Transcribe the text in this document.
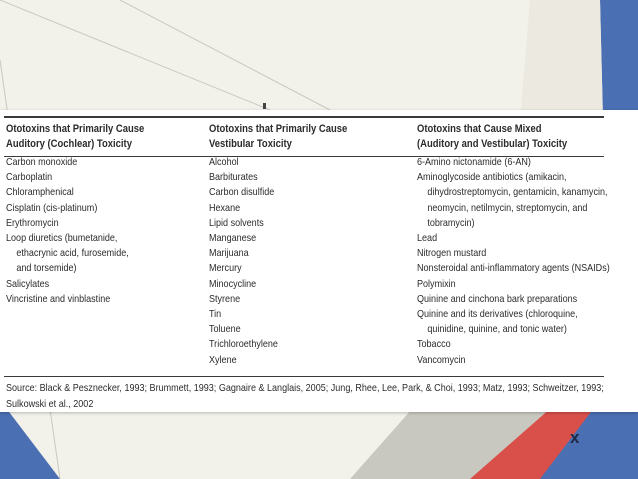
Ototoxins that Primarily Cause
Auditory (Cochlear) Toxicity
Carbon monoxide
Carboplatin
Chloramphenical
Cisplatin (cis-platinum)
Erythromycin
Loop diuretics (bumetanide,
ethacrynic acid, furosemide,
and torsemide)
Salicylates
Vincristine and vinblastine
Ototoxins that Primarily Cause
Vestibular Toxicity
Alcohol
Barbiturates
Carbon disulfide
Hexane
Lipid solvents
Manganese
Marijuana
Mercury
Minocycline
Styrene
Tin
Toluene
Trichloroethylene
Xylene
Ototoxins that Cause Mixed
(Auditory and Vestibular) Toxicity
6-Amino nictonamide (6-AN)
Aminoglycoside antibiotics (amikacin,
dihydrostreptomycin, gentamicin, kanamycin,
neomycin, netilmycin, streptomycin, and
tobramycin)
Lead
Nitrogen mustard
Nonsteroidal anti-inflammatory agents (NSAIDs)
Polymixin
Quinine and cinchona bark preparations
Quinine and its derivatives (chloroquine,
quinidine, quinine, and tonic water)
Tobacco
Vancomycin
Source: Black & Pesznecker, 1993; Brummett, 1993; Gagnaire & Langlais, 2005; Jung, Rhee, Lee, Park, & Choi, 1993; Matz, 1993; Schweitzer, 1993;
Sulkowski et al., 2002
x
